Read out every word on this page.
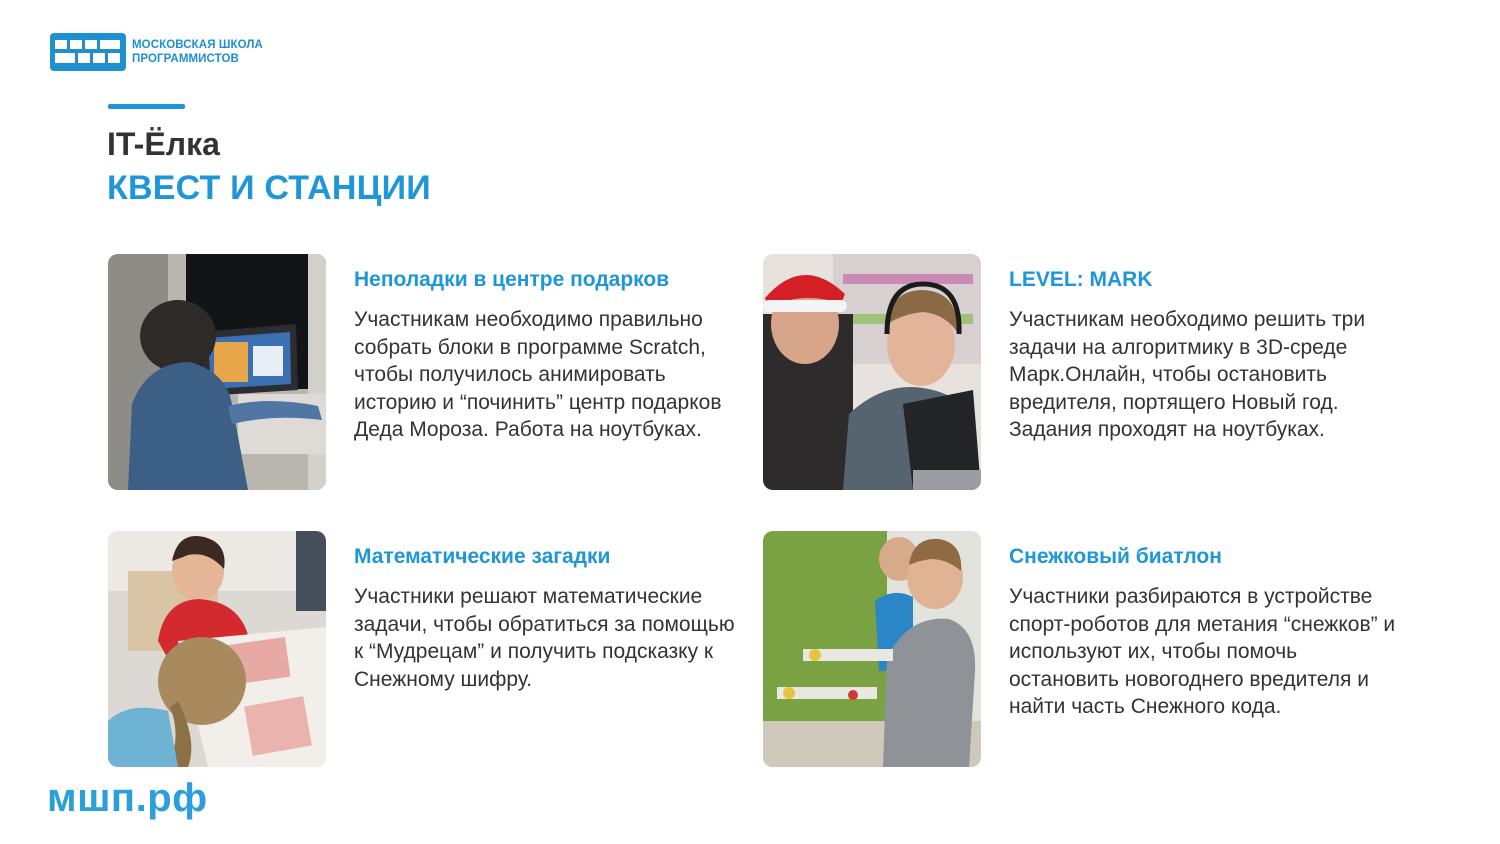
МОСКОВСКАЯ ШКОЛА
ПРОГРАММИСТОВ
IT-Ёлка
КВЕСТ И СТАНЦИИ
Неполадки в центре подарков
Участникам необходимо правильно собрать блоки в программе Scratch, чтобы получилось анимировать историю и “починить” центр подарков Деда Мороза. Работа на ноутбуках.
LEVEL: MARK
Участникам необходимо решить три задачи на алгоритмику в 3D-среде Марк.Онлайн, чтобы остановить вредителя, портящего Новый год. Задания проходят на ноутбуках.
Математические загадки
Участники решают математические задачи, чтобы обратиться за помощью к “Мудрецам” и получить подсказку к Снежному шифру.
Снежковый биатлон
Участники разбираются в устройстве спорт-роботов для метания “снежков” и используют их, чтобы помочь остановить новогоднего вредителя и найти часть Снежного кода.
мшп.рф
